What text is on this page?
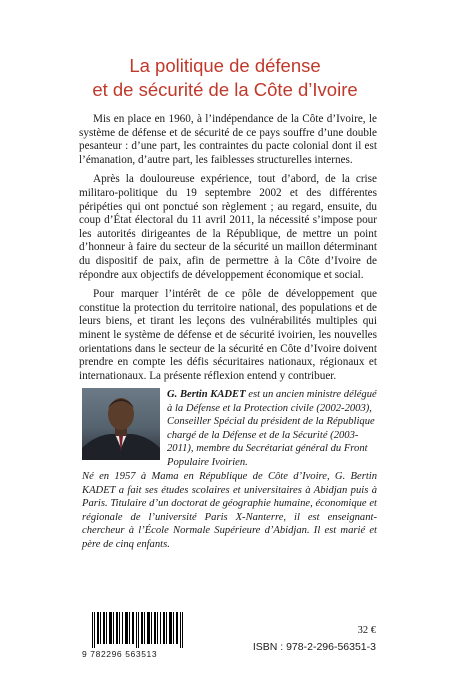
La politique de défense
et de sécurité de la Côte d’Ivoire

Mis en place en 1960, à l’indépendance de la Côte d’Ivoire, le système de défense et de sécurité de ce pays souffre d’une double pesanteur : d’une part, les contraintes du pacte colonial dont il est l’émanation, d’autre part, les faiblesses structurelles internes.

Après la douloureuse expérience, tout d’abord, de la crise militaro-politique du 19 septembre 2002 et des différentes péripéties qui ont ponctué son règlement ; au regard, ensuite, du coup d’État électoral du 11 avril 2011, la nécessité s’impose pour les autorités dirigeantes de la République, de mettre un point d’honneur à faire du secteur de la sécurité un maillon déterminant du dispositif de paix, afin de permettre à la Côte d’Ivoire de répondre aux objectifs de développement économique et social.

Pour marquer l’intérêt de ce pôle de développement que constitue la protection du territoire national, des populations et de leurs biens, et tirant les leçons des vulnérabilités multiples qui minent le système de défense et de sécurité ivoirien, les nouvelles orientations dans le secteur de la sécurité en Côte d’Ivoire doivent prendre en compte les défis sécuritaires nationaux, régionaux et internationaux. La présente réflexion entend y contribuer.

G. Bertin KADET est un ancien ministre délégué à la Défense et la Protection civile (2002-2003), Conseiller Spécial du président de la République chargé de la Défense et de la Sécurité (2003-2011), membre du Secrétariat général du Front Populaire Ivoirien.

Né en 1957 à Mama en République de Côte d’Ivoire, G. Bertin KADET a fait ses études scolaires et universitaires à Abidjan puis à Paris. Titulaire d’un doctorat de géographie humaine, économique et régionale de l’université Paris X-Nanterre, il est enseignant-chercheur à l’École Normale Supérieure d’Abidjan. Il est marié et père de cinq enfants.

9 782296 563513
32 €
ISBN : 978-2-296-56351-3
